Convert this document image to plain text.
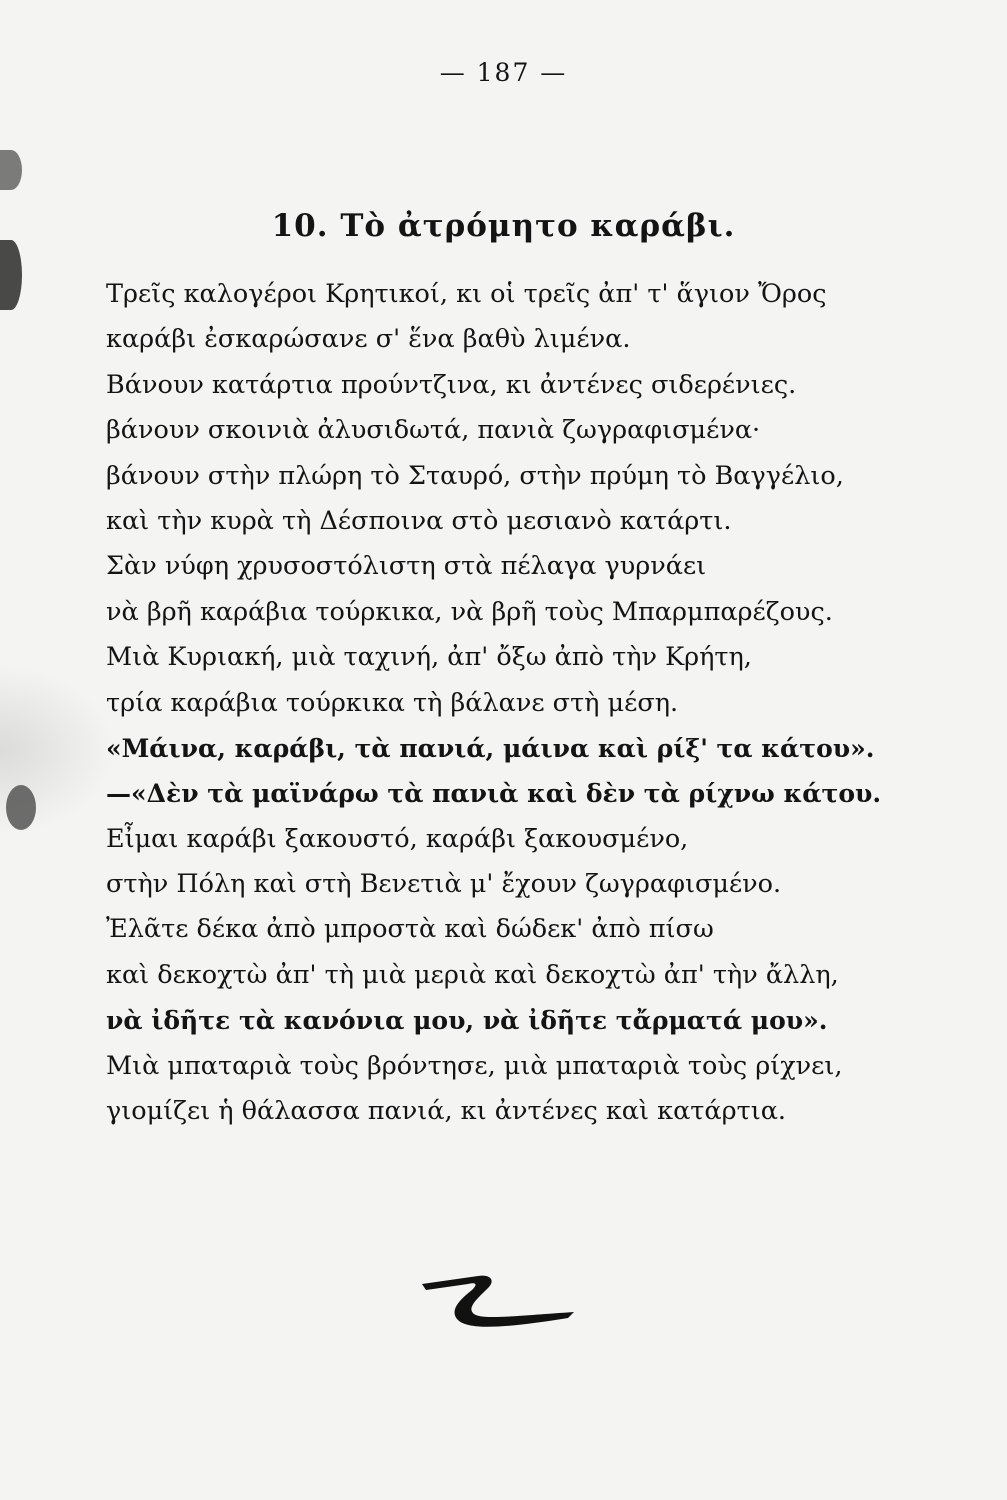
— 187 —
10. Τὸ ἀτρόμητο καράβι.
Τρεῖς καλογέροι Κρητικοί, κι οἱ τρεῖς ἀπ' τ' ἅγιον Ὄρος
καράβι ἐσκαρώσανε σ' ἕνα βαθὺ λιμένα.
Βάνουν κατάρτια προύντζινα, κι ἀντένες σιδερένιες.
βάνουν σκοινιὰ ἀλυσιδωτά, πανιὰ ζωγραφισμένα·
βάνουν στὴν πλώρη τὸ Σταυρό, στὴν πρύμη τὸ Βαγγέλιο,
καὶ τὴν κυρὰ τὴ Δέσποινα στὸ μεσιανὸ κατάρτι.
Σὰν νύφη χρυσοστόλιστη στὰ πέλαγα γυρνάει
νὰ βρῆ καράβια τούρκικα, νὰ βρῆ τοὺς Μπαρμπαρέζους.
Μιὰ Κυριακή, μιὰ ταχινή, ἀπ' ὄξω ἀπὸ τὴν Κρήτη,
τρία καράβια τούρκικα τὴ βάλανε στὴ μέση.
«Μάινα, καράβι, τὰ πανιά, μάινα καὶ ρίξ' τα κάτου».
—«Δὲν τὰ μαϊνάρω τὰ πανιὰ καὶ δὲν τὰ ρίχνω κάτου.
Εἶμαι καράβι ξακουστό, καράβι ξακουσμένο,
στὴν Πόλη καὶ στὴ Βενετιὰ μ' ἔχουν ζωγραφισμένο.
Ἐλᾶτε δέκα ἀπὸ μπροστὰ καὶ δώδεκ' ἀπὸ πίσω
καὶ δεκοχτὼ ἀπ' τὴ μιὰ μεριὰ καὶ δεκοχτὼ ἀπ' τὴν ἄλλη,
νὰ ἰδῆτε τὰ κανόνια μου, νὰ ἰδῆτε τἄρματά μου».
Μιὰ μπαταριὰ τοὺς βρόντησε, μιὰ μπαταριὰ τοὺς ρίχνει,
γιομίζει ἡ θάλασσα πανιά, κι ἀντένες καὶ κατάρτια.
